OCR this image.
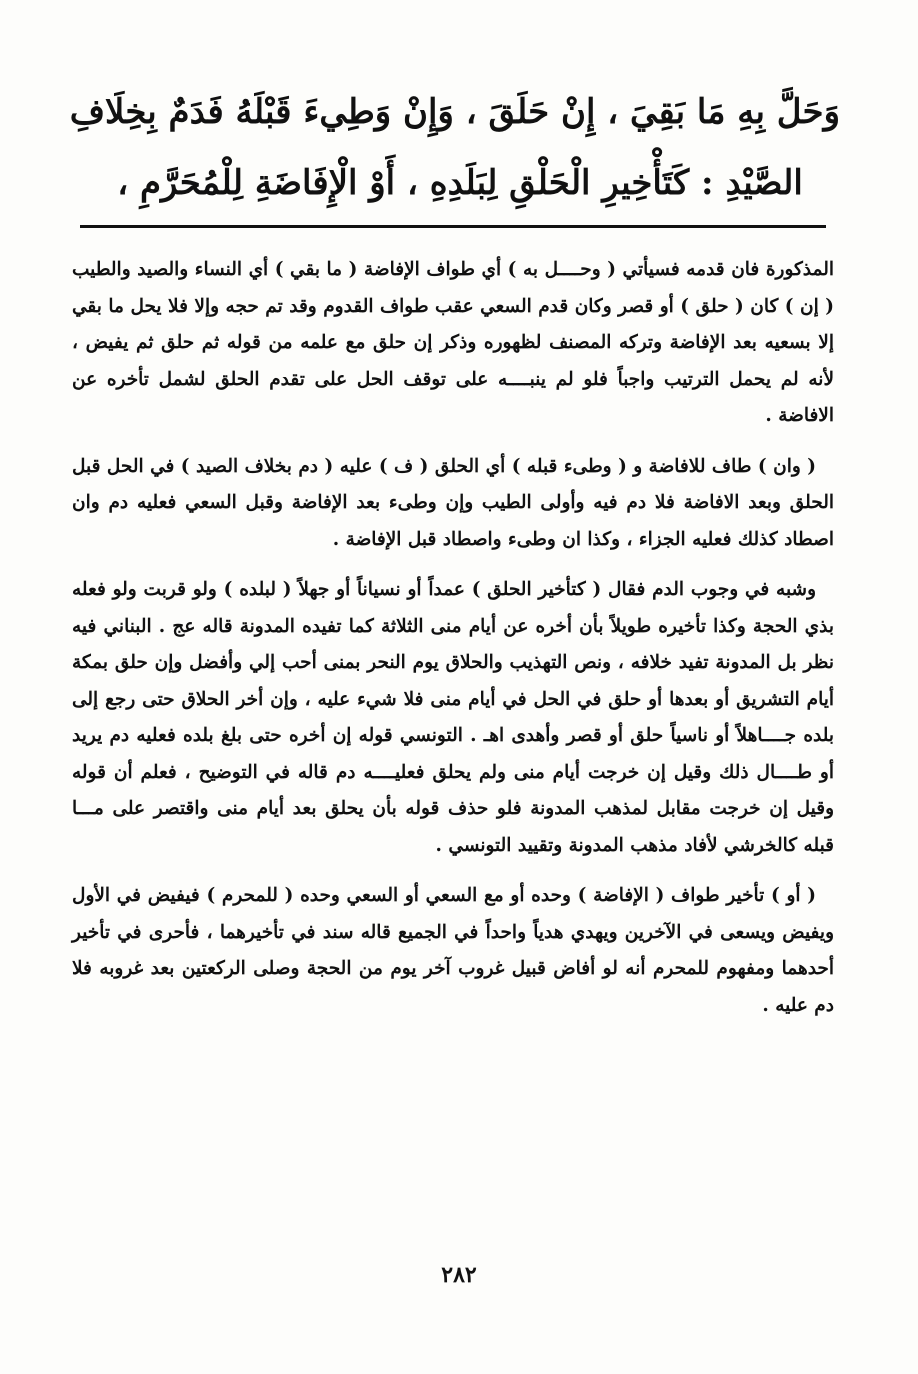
وَحَلَّ بِهِ مَا بَقِيَ ، إِنْ حَلَقَ ، وَإِنْ وَطِيءَ قَبْلَهُ فَدَمٌ بِخِلَافِ
الصَّيْدِ : كَتَأْخِيرِ الْحَلْقِ لِبَلَدِهِ ، أَوْ الْإِفَاضَةِ لِلْمُحَرَّمِ ،

المذكورة فان قدمه فسيأتي ( وحــــل به ) أي طواف الإفاضة ( ما بقي ) أي النساء والصيد والطيب ( إن ) كان ( حلق ) أو قصر وكان قدم السعي عقب طواف القدوم وقد تم حجه وإلا فلا يحل ما بقي إلا بسعيه بعد الإفاضة وتركه المصنف لظهوره وذكر إن حلق مع علمه من قوله ثم حلق ثم يفيض ، لأنه لم يحمل الترتيب واجباً فلو لم ينبــــه على توقف الحل على تقدم الحلق لشمل تأخره عن الافاضة .

( وان ) طاف للافاضة و ( وطىء قبله ) أي الحلق ( ف ) عليه ( دم بخلاف الصيد ) في الحل قبل الحلق وبعد الافاضة فلا دم فيه وأولى الطيب وإن وطىء بعد الإفاضة وقبل السعي فعليه دم وان اصطاد كذلك فعليه الجزاء ، وكذا ان وطىء واصطاد قبل الإفاضة .

وشبه في وجوب الدم فقال ( كتأخير الحلق ) عمداً أو نسياناً أو جهلاً ( لبلده ) ولو قربت ولو فعله بذي الحجة وكذا تأخيره طويلاً بأن أخره عن أيام منى الثلاثة كما تفيده المدونة قاله عج . البناني فيه نظر بل المدونة تفيد خلافه ، ونص التهذيب والحلاق يوم النحر بمنى أحب إلي وأفضل وإن حلق بمكة أيام التشريق أو بعدها أو حلق في الحل في أيام منى فلا شيء عليه ، وإن أخر الحلاق حتى رجع إلى بلده جــــاهلاً أو ناسياً حلق أو قصر وأهدى اهـ . التونسي قوله إن أخره حتى بلغ بلده فعليه دم يريد أو طــــال ذلك وقيل إن خرجت أيام منى ولم يحلق فعليــــه دم قاله في التوضيح ، فعلم أن قوله وقيل إن خرجت مقابل لمذهب المدونة فلو حذف قوله بأن يحلق بعد أيام منى واقتصر على مـــا قبله كالخرشي لأفاد مذهب المدونة وتقييد التونسي .

( أو ) تأخير طواف ( الإفاضة ) وحده أو مع السعي أو السعي وحده ( للمحرم ) فيفيض في الأول ويفيض ويسعى في الآخرين ويهدي هدياً واحداً في الجميع قاله سند في تأخيرهما ، فأحرى في تأخير أحدهما ومفهوم للمحرم أنه لو أفاض قبيل غروب آخر يوم من الحجة وصلى الركعتين بعد غروبه فلا دم عليه .

٢٨٢
